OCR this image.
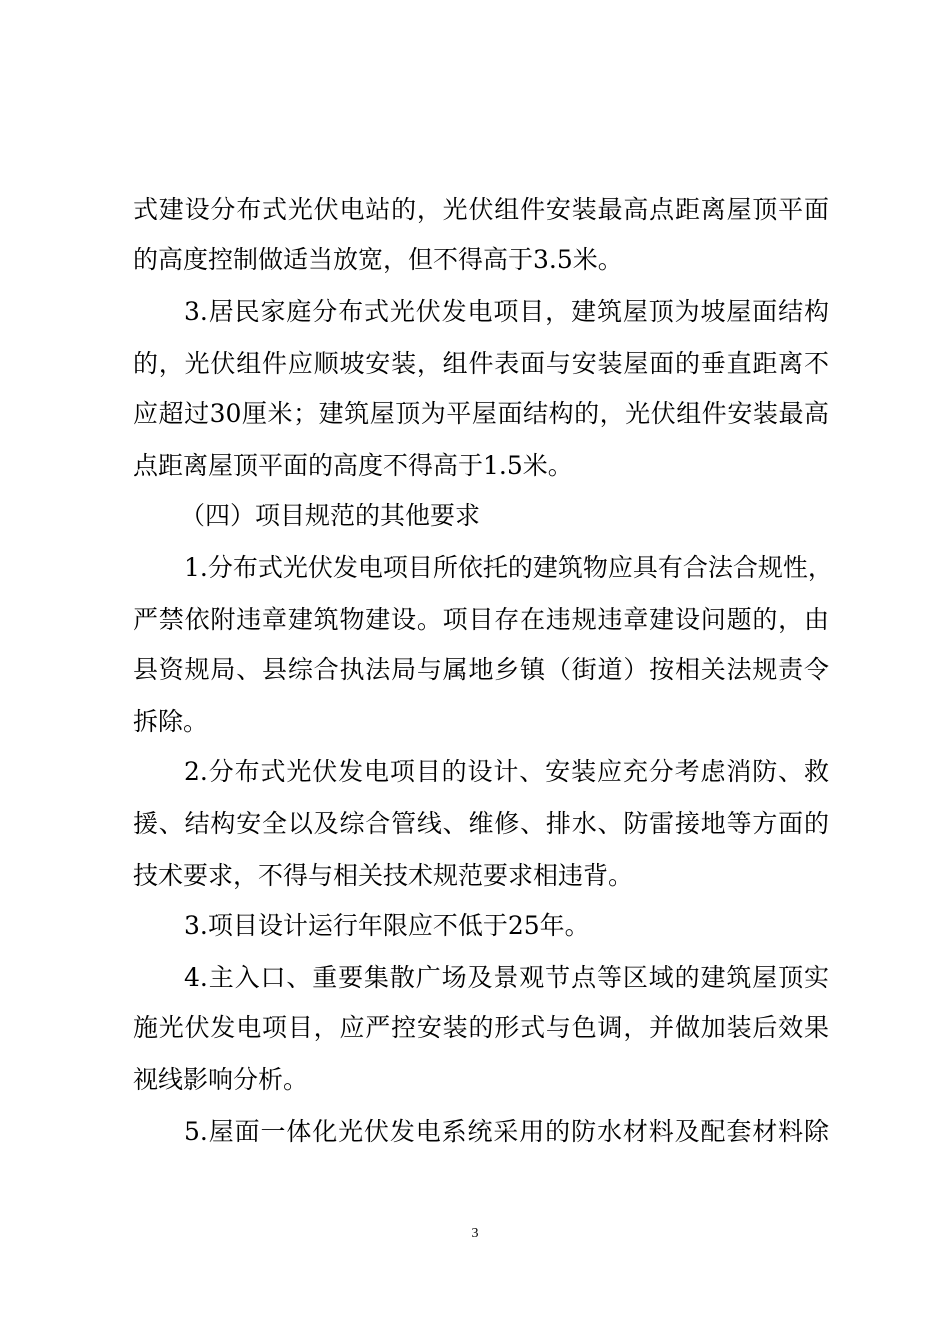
式建设分布式光伏电站的，光伏组件安装最高点距离屋顶平面
的高度控制做适当放宽，但不得高于3.5米。
3.居民家庭分布式光伏发电项目，建筑屋顶为坡屋面结构
的，光伏组件应顺坡安装，组件表面与安装屋面的垂直距离不
应超过30厘米；建筑屋顶为平屋面结构的，光伏组件安装最高
点距离屋顶平面的高度不得高于1.5米。
（四）项目规范的其他要求
1.分布式光伏发电项目所依托的建筑物应具有合法合规性，
严禁依附违章建筑物建设。项目存在违规违章建设问题的，由
县资规局、县综合执法局与属地乡镇（街道）按相关法规责令
拆除。
2.分布式光伏发电项目的设计、安装应充分考虑消防、救
援、结构安全以及综合管线、维修、排水、防雷接地等方面的
技术要求，不得与相关技术规范要求相违背。
3.项目设计运行年限应不低于25年。
4.主入口、重要集散广场及景观节点等区域的建筑屋顶实
施光伏发电项目，应严控安装的形式与色调，并做加装后效果
视线影响分析。
5.屋面一体化光伏发电系统采用的防水材料及配套材料除
3
